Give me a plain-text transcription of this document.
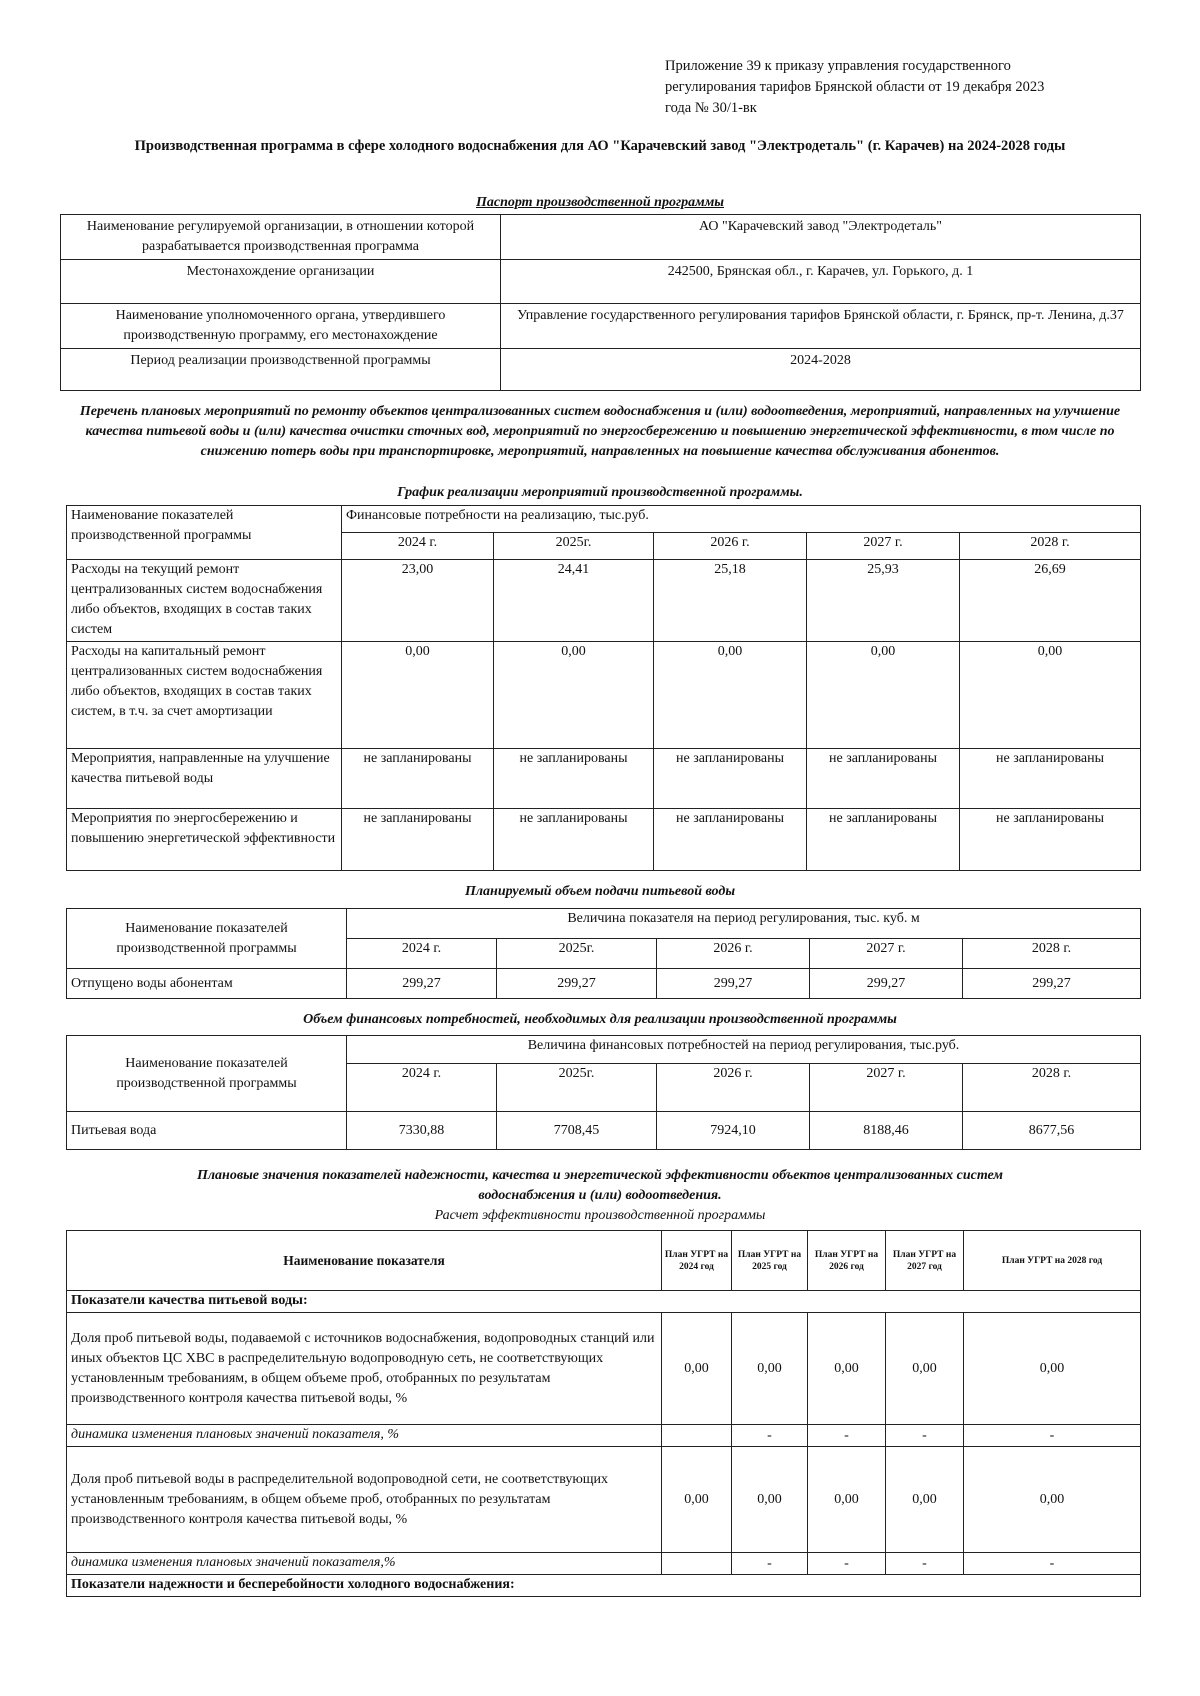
Приложение 39 к приказу управления государственного
регулирования тарифов Брянской области от 19 декабря 2023
года № 30/1-вк
Производственная программа в сфере холодного водоснабжения для АО "Карачевский завод "Электродеталь" (г. Карачев) на 2024-2028 годы
Паспорт производственной программы
Наименование регулируемой организации, в отношении которой разрабатывается производственная программа	АО "Карачевский завод "Электродеталь"
Местонахождение организации	242500, Брянская обл., г. Карачев, ул. Горького, д. 1
Наименование уполномоченного органа, утвердившего производственную программу, его местонахождение	Управление государственного регулирования тарифов Брянской области, г. Брянск, пр-т. Ленина, д.37
Период реализации производственной программы	2024-2028
Перечень плановых мероприятий по ремонту объектов централизованных систем водоснабжения и (или) водоотведения, мероприятий, направленных на улучшение качества питьевой воды и (или) качества очистки сточных вод, мероприятий по энергосбережению и повышению энергетической эффективности, в том числе по снижению потерь воды при транспортировке, мероприятий, направленных на повышение качества обслуживания абонентов.
График реализации мероприятий производственной программы.
Наименование показателей производственной программы	Финансовые потребности на реализацию, тыс.руб.				
	2024 г.	2025г.	2026 г.	2027 г.	2028 г.
Расходы на текущий ремонт централизованных систем водоснабжения либо объектов, входящих в состав таких систем	23,00	24,41	25,18	25,93	26,69
Расходы на капитальный ремонт централизованных систем водоснабжения либо объектов, входящих в состав таких систем, в т.ч. за счет амортизации	0,00	0,00	0,00	0,00	0,00
Мероприятия, направленные на улучшение качества питьевой воды	не запланированы	не запланированы	не запланированы	не запланированы	не запланированы
Мероприятия по энергосбережению и повышению энергетической эффективности	не запланированы	не запланированы	не запланированы	не запланированы	не запланированы
Планируемый объем подачи питьевой воды
Наименование показателей производственной программы	Величина показателя на период регулирования, тыс. куб. м				
	2024 г.	2025г.	2026 г.	2027 г.	2028 г.
Отпущено воды абонентам	299,27	299,27	299,27	299,27	299,27
Объем финансовых потребностей, необходимых для реализации производственной программы
Наименование показателей производственной программы	Величина финансовых потребностей на период регулирования, тыс.руб.				
	2024 г.	2025г.	2026 г.	2027 г.	2028 г.
Питьевая вода	7330,88	7708,45	7924,10	8188,46	8677,56
Плановые значения показателей надежности, качества и энергетической эффективности объектов централизованных систем
водоснабжения и (или) водоотведения.
Расчет эффективности производственной программы
Наименование показателя	План УГРТ на 2024 год	План УГРТ на 2025 год	План УГРТ на 2026 год	План УГРТ на 2027 год	План УГРТ на 2028 год
Показатели качества питьевой воды:					
Доля проб питьевой воды, подаваемой с источников водоснабжения, водопроводных станций или иных объектов ЦС ХВС в распределительную водопроводную сеть, не соответствующих установленным требованиям, в общем объеме проб, отобранных по результатам производственного контроля качества питьевой воды, %	0,00	0,00	0,00	0,00	0,00
динамика изменения плановых значений показателя, %		-	-	-	-
Доля проб питьевой воды в распределительной водопроводной сети, не соответствующих установленным требованиям, в общем объеме проб, отобранных по результатам производственного контроля качества питьевой воды, %	0,00	0,00	0,00	0,00	0,00
динамика изменения плановых значений показателя,%		-	-	-	-
Показатели надежности и бесперебойности холодного водоснабжения:					
